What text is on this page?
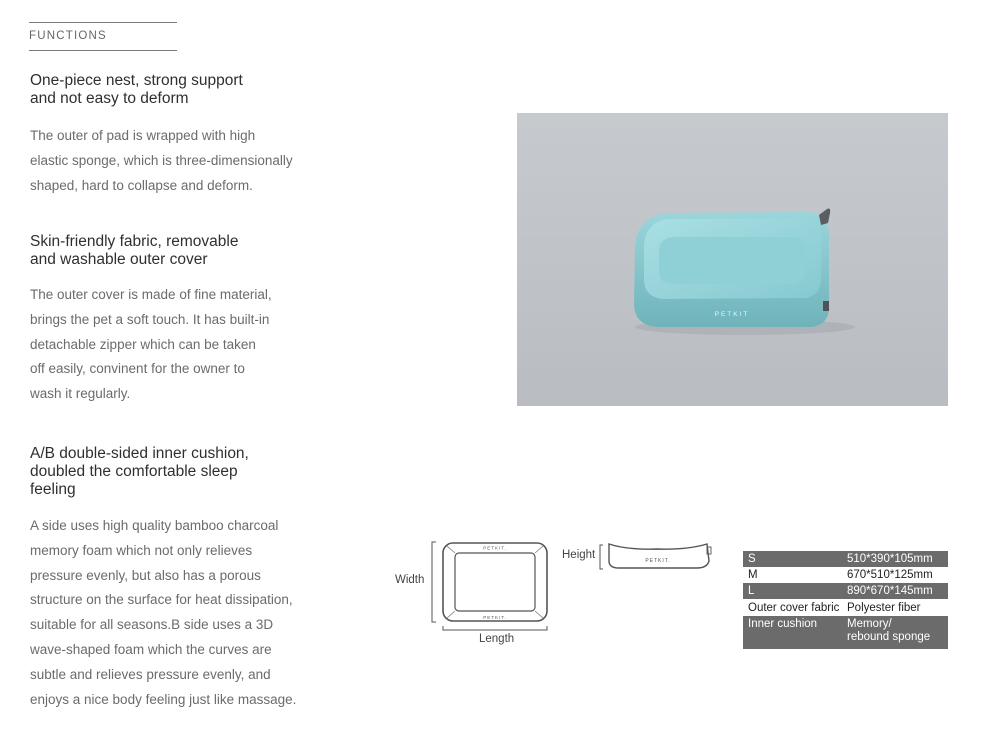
FUNCTIONS
One-piece nest, strong support
and not easy to deform
The outer of pad is wrapped with high
elastic sponge, which is three-dimensionally
shaped, hard to collapse and deform.
Skin-friendly fabric, removable
and washable outer cover
The outer cover is made of fine material,
brings the pet a soft touch. It has built-in
detachable zipper which can be taken
off easily, convinent for the owner to
wash it regularly.
A/B double-sided inner cushion,
doubled the comfortable sleep
feeling
A side uses high quality bamboo charcoal
memory foam which not only relieves
pressure evenly, but also has a porous
structure on the surface for heat dissipation,
suitable for all seasons.B side uses a 3D
wave-shaped foam which the curves are
subtle and relieves pressure evenly, and
enjoys a nice body feeling just like massage.
PETKIT
Width
Length
Height
PETKIT.
PETKIT.
PETKIT.	S	510*390*105mm
M	670*510*125mm
L	890*670*145mm
Outer cover fabric Polyester fiber
Inner cushion	Memory/
rebound sponge
